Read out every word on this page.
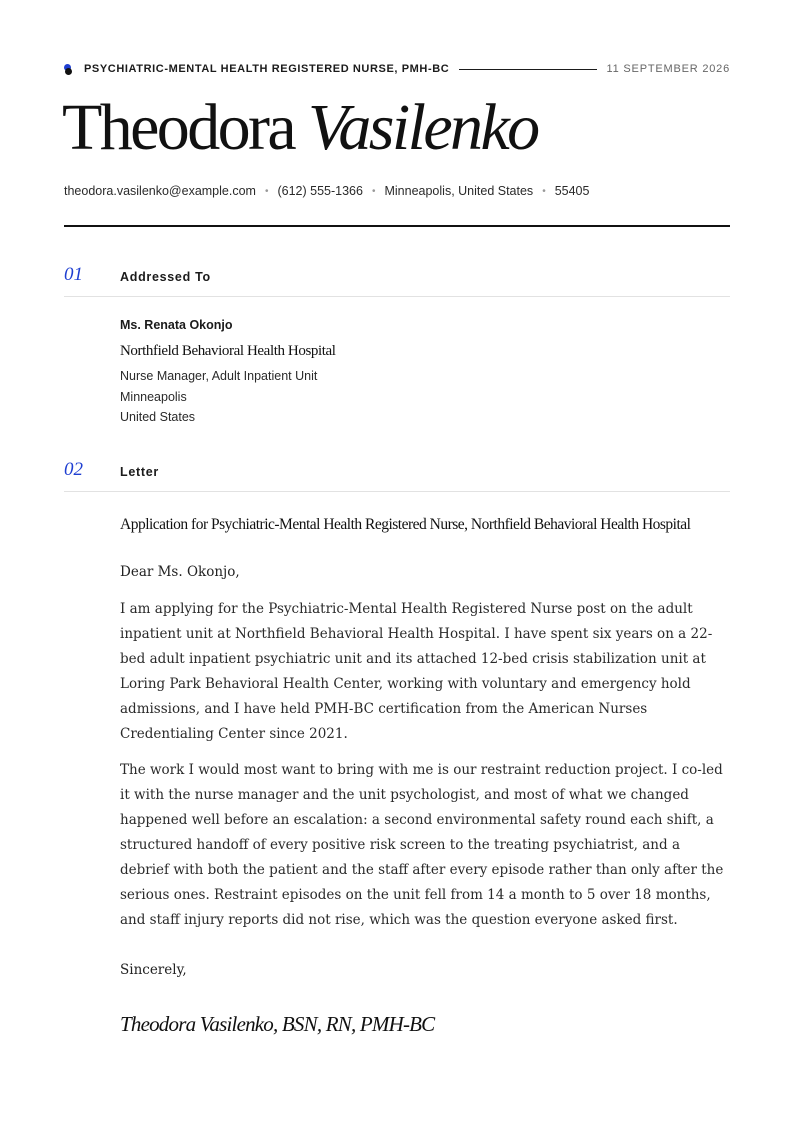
PSYCHIATRIC-MENTAL HEALTH REGISTERED NURSE, PMH-BC	11 SEPTEMBER 2026
Theodora Vasilenko
theodora.vasilenko@example.com • (612) 555-1366 • Minneapolis, United States • 55405
01	Addressed To
Ms. Renata Okonjo
Northfield Behavioral Health Hospital
Nurse Manager, Adult Inpatient Unit
Minneapolis
United States
02	Letter
Application for Psychiatric-Mental Health Registered Nurse, Northfield Behavioral Health Hospital
Dear Ms. Okonjo,
I am applying for the Psychiatric-Mental Health Registered Nurse post on the adult inpatient unit at Northfield Behavioral Health Hospital. I have spent six years on a 22-bed adult inpatient psychiatric unit and its attached 12-bed crisis stabilization unit at Loring Park Behavioral Health Center, working with voluntary and emergency hold admissions, and I have held PMH-BC certification from the American Nurses Credentialing Center since 2021.
The work I would most want to bring with me is our restraint reduction project. I co-led it with the nurse manager and the unit psychologist, and most of what we changed happened well before an escalation: a second environmental safety round each shift, a structured handoff of every positive risk screen to the treating psychiatrist, and a debrief with both the patient and the staff after every episode rather than only after the serious ones. Restraint episodes on the unit fell from 14 a month to 5 over 18 months, and staff injury reports did not rise, which was the question everyone asked first.
Sincerely,
Theodora Vasilenko, BSN, RN, PMH-BC
